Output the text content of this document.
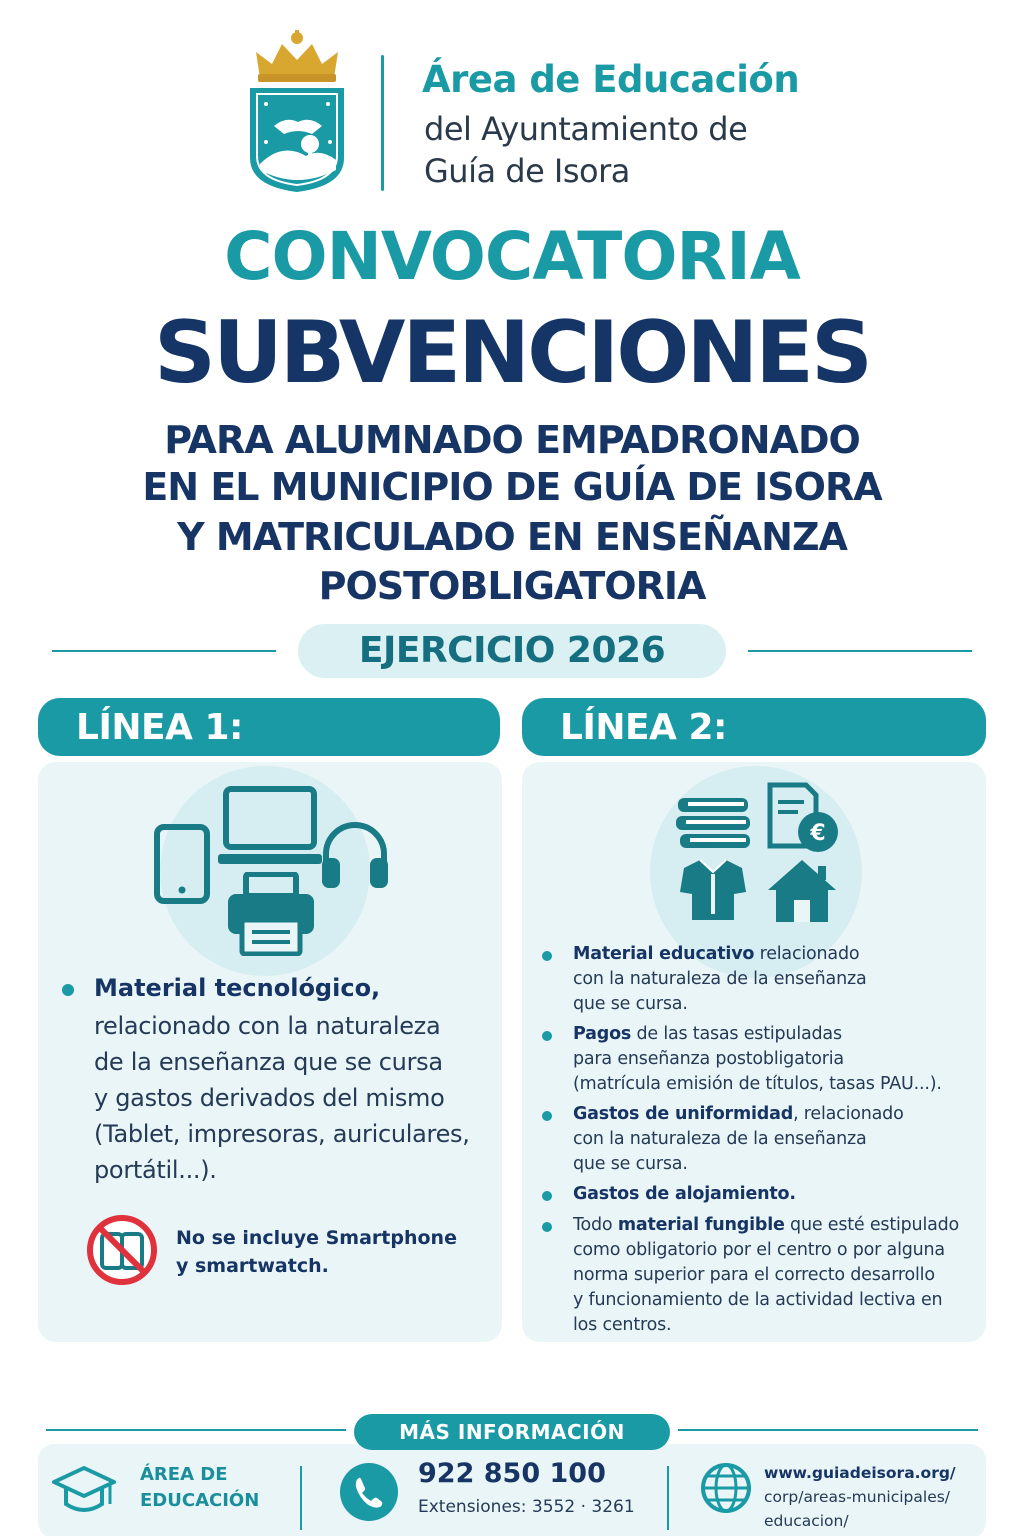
Área de Educación
del Ayuntamiento de
Guía de Isora
CONVOCATORIA
SUBVENCIONES
PARA ALUMNADO EMPADRONADO
EN EL MUNICIPIO DE GUÍA DE ISORA
Y MATRICULADO EN ENSEÑANZA
POSTOBLIGATORIA
EJERCICIO 2026
LÍNEA 1:
Material tecnológico,
relacionado con la naturaleza
de la enseñanza que se cursa
y gastos derivados del mismo
(Tablet, impresoras, auriculares,
portátil...).
No se incluye Smartphone
y smartwatch.
LÍNEA 2:
€
Material educativo relacionado
con la naturaleza de la enseñanza
que se cursa.
Pagos de las tasas estipuladas
para enseñanza postobligatoria
(matrícula emisión de títulos, tasas PAU...).
Gastos de uniformidad, relacionado
con la naturaleza de la enseñanza
que se cursa.
Gastos de alojamiento.
Todo material fungible que esté estipulado
como obligatorio por el centro o por alguna
norma superior para el correcto desarrollo
y funcionamiento de la actividad lectiva en
los centros.
MÁS INFORMACIÓN
ÁREA DE
EDUCACIÓN
922 850 100
Extensiones: 3552 · 3261
www.guiadeisora.org/
corp/areas-municipales/
educacion/
